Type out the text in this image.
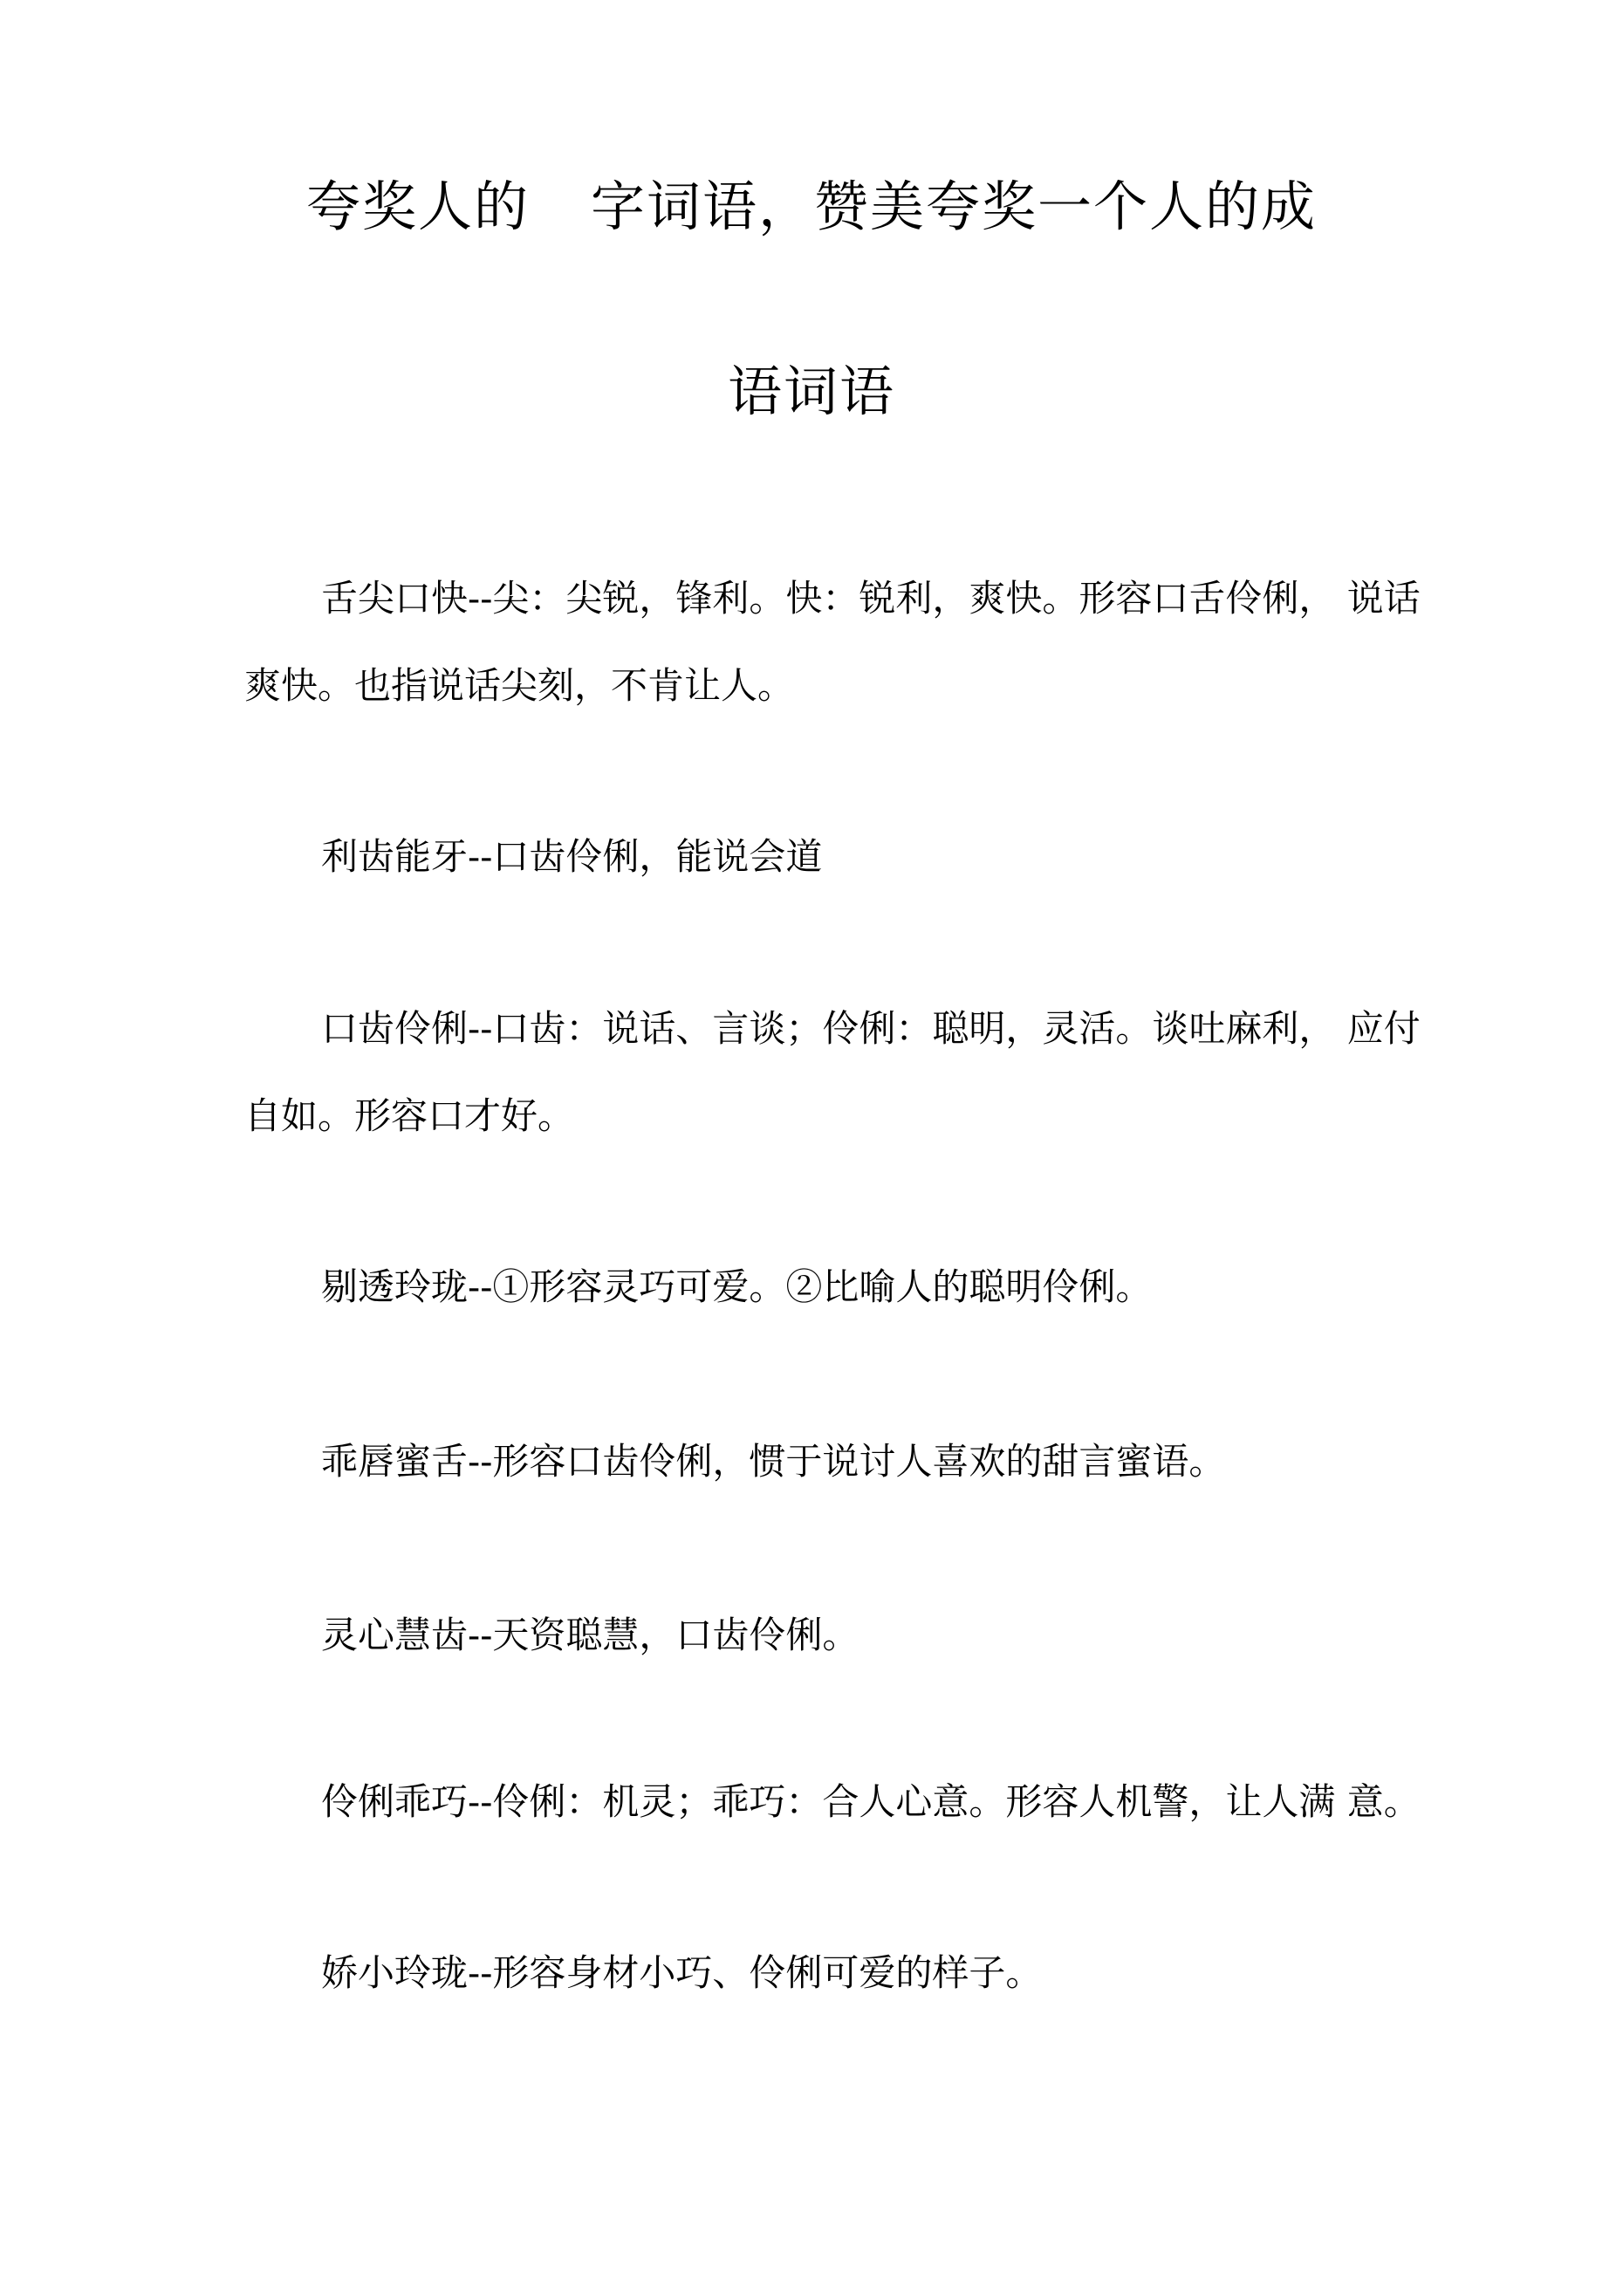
夸奖人的 字词语，赞美夸奖一个人的成
语词语
舌尖口快--尖：尖锐，锋利。快：锐利，爽快。形容口舌伶俐， 说话
爽快。也指说话尖刻，不肯让人。
利齿能牙--口齿伶俐，能说会道
口齿伶俐--口齿：说话、言谈；伶俐：聪明，灵活。谈吐麻利， 应付
自如。形容口才好。
剔透玲珑--①形容灵巧可爱。②比喻人的聪明伶俐。
乖唇蜜舌--形容口齿伶俐，惯于说讨人喜欢的甜言蜜语。
灵心慧齿--天资聪慧，口齿伶俐。
伶俐乖巧--伶俐：机灵；乖巧：合人心意。形容人机警，让人满 意。
娇小玲珑--形容身材小巧、伶俐可爱的样子。
